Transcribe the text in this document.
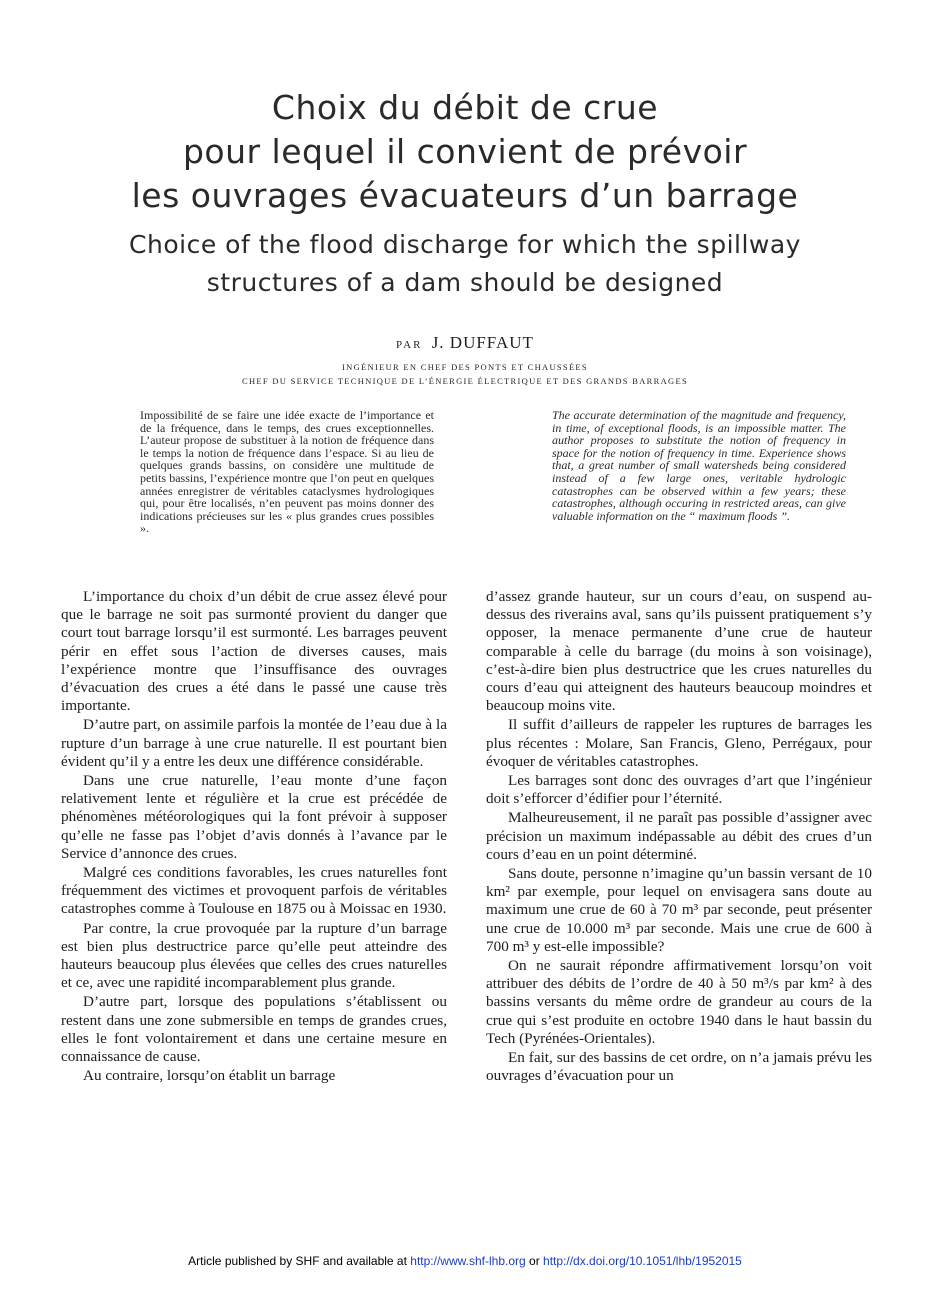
Choix du débit de crue
pour lequel il convient de prévoir
les ouvrages évacuateurs d’un barrage
Choice of the flood discharge for which the spillway
structures of a dam should be designed
PAR J. DUFFAUT
INGÉNIEUR EN CHEF DES PONTS ET CHAUSSÉES
CHEF DU SERVICE TECHNIQUE DE L’ÉNERGIE ÉLECTRIQUE ET DES GRANDS BARRAGES

Impossibilité de se faire une idée exacte de l’importance et de la fréquence, dans le temps, des crues exceptionnelles. L’auteur propose de substituer à la notion de fréquence dans le temps la notion de fréquence dans l’espace. Si au lieu de quelques grands bassins, on considère une multitude de petits bassins, l’expérience montre que l’on peut en quelques années enregistrer de véritables cataclysmes hydrologiques qui, pour être localisés, n’en peuvent pas moins donner des indications précieuses sur les « plus grandes crues possibles ».

The accurate determination of the magnitude and frequency, in time, of exceptional floods, is an impossible matter. The author proposes to substitute the notion of frequency in space for the notion of frequency in time. Experience shows that, a great number of small watersheds being considered instead of a few large ones, veritable hydrologic catastrophes can be observed within a few years; these catastrophes, although occuring in restricted areas, can give valuable information on the “ maximum floods ”.

L’importance du choix d’un débit de crue assez élevé pour que le barrage ne soit pas surmonté provient du danger que court tout barrage lorsqu’il est surmonté. Les barrages peuvent périr en effet sous l’action de diverses causes, mais l’expérience montre que l’insuffisance des ouvrages d’évacuation des crues a été dans le passé une cause très importante.

D’autre part, on assimile parfois la montée de l’eau due à la rupture d’un barrage à une crue naturelle. Il est pourtant bien évident qu’il y a entre les deux une différence considérable.

Dans une crue naturelle, l’eau monte d’une façon relativement lente et régulière et la crue est précédée de phénomènes météorologiques qui la font prévoir à supposer qu’elle ne fasse pas l’objet d’avis donnés à l’avance par le Service d’annonce des crues.

Malgré ces conditions favorables, les crues naturelles font fréquemment des victimes et provoquent parfois de véritables catastrophes comme à Toulouse en 1875 ou à Moissac en 1930.

Par contre, la crue provoquée par la rupture d’un barrage est bien plus destructrice parce qu’elle peut atteindre des hauteurs beaucoup plus élevées que celles des crues naturelles et ce, avec une rapidité incomparablement plus grande.

D’autre part, lorsque des populations s’établissent ou restent dans une zone submersible en temps de grandes crues, elles le font volontairement et dans une certaine mesure en connaissance de cause.

Au contraire, lorsqu’on établit un barrage

d’assez grande hauteur, sur un cours d’eau, on suspend au-dessus des riverains aval, sans qu’ils puissent pratiquement s’y opposer, la menace permanente d’une crue de hauteur comparable à celle du barrage (du moins à son voisinage), c’est-à-dire bien plus destructrice que les crues naturelles du cours d’eau qui atteignent des hauteurs beaucoup moindres et beaucoup moins vite.

Il suffit d’ailleurs de rappeler les ruptures de barrages les plus récentes : Molare, San Francis, Gleno, Perrégaux, pour évoquer de véritables catastrophes.

Les barrages sont donc des ouvrages d’art que l’ingénieur doit s’efforcer d’édifier pour l’éternité.

Malheureusement, il ne paraît pas possible d’assigner avec précision un maximum indépassable au débit des crues d’un cours d’eau en un point déterminé.

Sans doute, personne n’imagine qu’un bassin versant de 10 km² par exemple, pour lequel on envisagera sans doute au maximum une crue de 60 à 70 m³ par seconde, peut présenter une crue de 10.000 m³ par seconde. Mais une crue de 600 à 700 m³ y est-elle impossible?

On ne saurait répondre affirmativement lorsqu’on voit attribuer des débits de l’ordre de 40 à 50 m³/s par km² à des bassins versants du même ordre de grandeur au cours de la crue qui s’est produite en octobre 1940 dans le haut bassin du Tech (Pyrénées-Orientales).

En fait, sur des bassins de cet ordre, on n’a jamais prévu les ouvrages d’évacuation pour un

Article published by SHF and available at http://www.shf-lhb.org or http://dx.doi.org/10.1051/lhb/1952015
